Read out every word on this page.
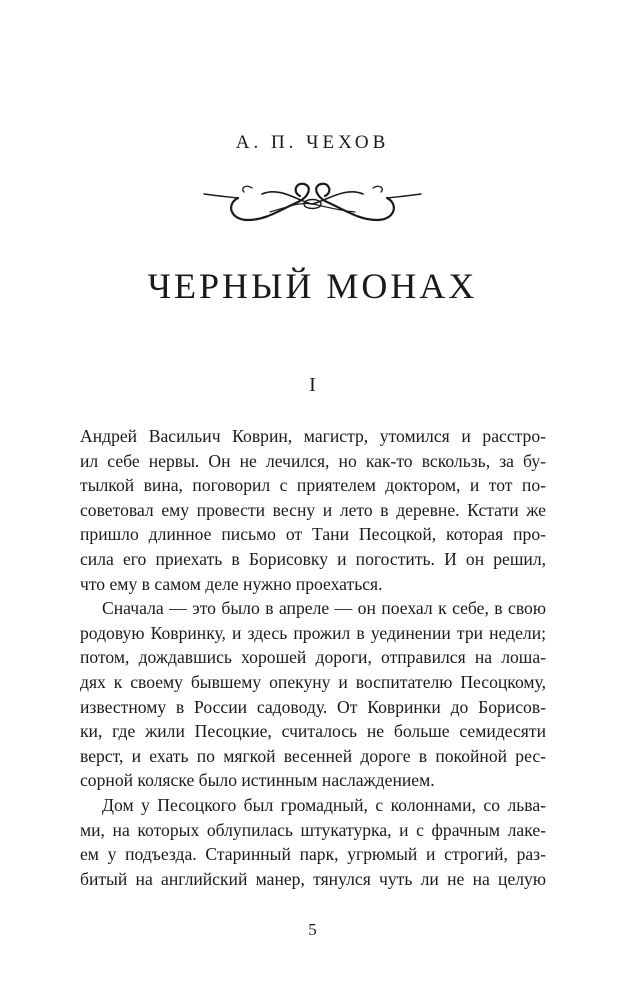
А. П. ЧЕХОВ
ЧЕРНЫЙ МОНАХ
I
Андрей Васильич Коврин, магистр, утомился и расстро-
ил себе нервы. Он не лечился, но как-то вскользь, за бу-
тылкой вина, поговорил с приятелем доктором, и тот по-
советовал ему провести весну и лето в деревне. Кстати же
пришло длинное письмо от Тани Песоцкой, которая про-
сила его приехать в Борисовку и погостить. И он решил,
что ему в самом деле нужно проехаться.
Сначала — это было в апреле — он поехал к себе, в свою
родовую Ковринку, и здесь прожил в уединении три недели;
потом, дождавшись хорошей дороги, отправился на лоша-
дях к своему бывшему опекуну и воспитателю Песоцкому,
известному в России садоводу. От Ковринки до Борисов-
ки, где жили Песоцкие, считалось не больше семидесяти
верст, и ехать по мягкой весенней дороге в покойной рес-
сорной коляске было истинным наслаждением.
Дом у Песоцкого был громадный, с колоннами, со льва-
ми, на которых облупилась штукатурка, и с фрачным лаке-
ем у подъезда. Старинный парк, угрюмый и строгий, раз-
битый на английский манер, тянулся чуть ли не на целую
5
